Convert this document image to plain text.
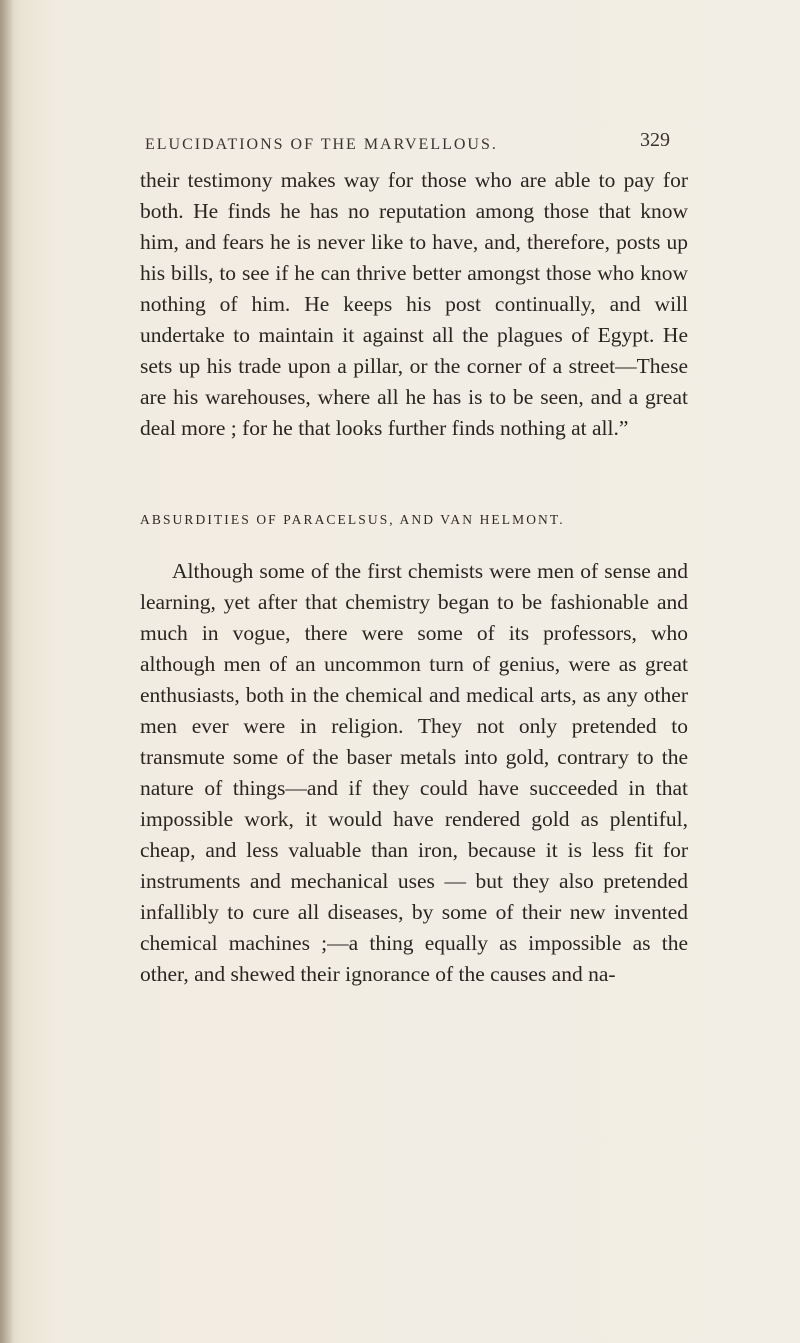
ELUCIDATIONS OF THE MARVELLOUS.	329
their testimony makes way for those who are able to pay for both. He finds he has no reputation among those that know him, and fears he is never like to have, and, therefore, posts up his bills, to see if he can thrive better amongst those who know nothing of him. He keeps his post continually, and will undertake to maintain it against all the plagues of Egypt. He sets up his trade upon a pillar, or the corner of a street—These are his warehouses, where all he has is to be seen, and a great deal more ; for he that looks further finds nothing at all.”
ABSURDITIES OF PARACELSUS, AND VAN HELMONT.
Although some of the first chemists were men of sense and learning, yet after that chemistry began to be fashionable and much in vogue, there were some of its professors, who although men of an uncommon turn of genius, were as great enthusiasts, both in the chemical and medical arts, as any other men ever were in religion. They not only pretended to transmute some of the baser metals into gold, contrary to the nature of things—and if they could have succeeded in that impossible work, it would have rendered gold as plentiful, cheap, and less valuable than iron, because it is less fit for instruments and mechanical uses — but they also pretended infallibly to cure all diseases, by some of their new invented chemical machines ;—a thing equally as impossible as the other, and shewed their ignorance of the causes and na-
